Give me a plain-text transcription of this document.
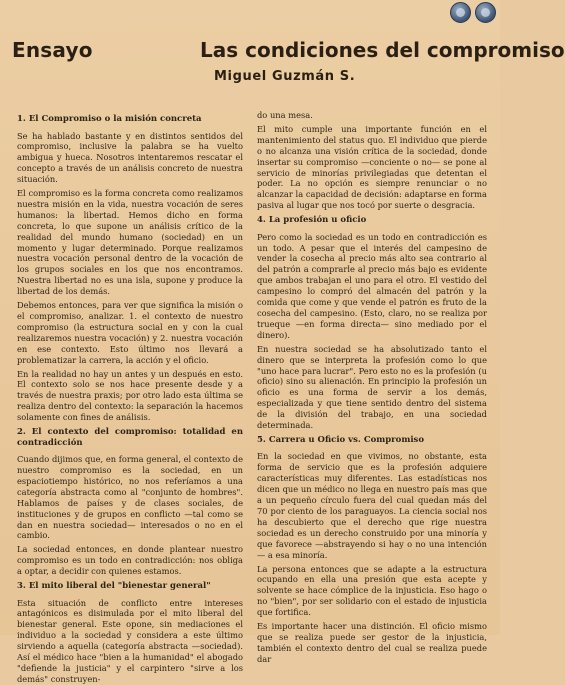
Ensayo	Las condiciones del compromiso
Miguel Guzmán S.
1. El Compromiso o la misión concreta

Se ha hablado bastante y en distintos sentidos del compromiso, inclusive la palabra se ha vuelto ambigua y hueca. Nosotros intentaremos rescatar el concepto a través de un análisis concreto de nuestra situación.

El compromiso es la forma concreta como realizamos nuestra misión en la vida, nuestra vocación de seres humanos: la libertad. Hemos dicho en forma concreta, lo que supone un análisis crítico de la realidad del mundo humano (sociedad) en un momento y lugar determinado. Porque realizamos nuestra vocación personal dentro de la vocación de los grupos sociales en los que nos encontramos. Nuestra libertad no es una isla, supone y produce la libertad de los demás.

Debemos entonces, para ver que significa la misión o el compromiso, analizar. 1. el contexto de nuestro compromiso (la estructura social en y con la cual realizaremos nuestra vocación) y 2. nuestra vocación en ese contexto. Esto último nos llevará a problematizar la carrera, la acción y el oficio.

En la realidad no hay un antes y un después en esto. El contexto solo se nos hace presente desde y a través de nuestra praxis; por otro lado esta última se realiza dentro del contexto: la separación la hacemos solamente con fines de análisis.

2. El contexto del compromiso: totalidad en contradicción

Cuando dijimos que, en forma general, el contexto de nuestro compromiso es la sociedad, en un espaciotiempo histórico, no nos referíamos a una categoría abstracta como al "conjunto de hombres". Hablamos de países y de clases sociales, de instituciones y de grupos en conflicto —tal como se dan en nuestra sociedad— interesados o no en el cambio.

La sociedad entonces, en donde plantear nuestro compromiso es un todo en contradicción: nos obliga a optar, a decidir con quienes estamos.

3. El mito liberal del "bienestar general"

Esta situación de conflicto entre intereses antagónicos es disimulada por el mito liberal del bienestar general. Este opone, sin mediaciones el individuo a la sociedad y considera a este último sirviendo a aquella (categoría abstracta —sociedad). Así el médico hace "bien a la humanidad" el abogado "defiende la justicia" y el carpintero "sirve a los demás" construyen-

do una mesa.

El mito cumple una importante función en el mantenimiento del status quo. El individuo que pierde o no alcanza una visión crítica de la sociedad, donde insertar su compromiso —conciente o no— se pone al servicio de minorías privilegiadas que detentan el poder. La no opción es siempre renunciar o no alcanzar la capacidad de decisión: adaptarse en forma pasiva al lugar que nos tocó por suerte o desgracia.

4. La profesión u oficio

Pero como la sociedad es un todo en contradicción es un todo. A pesar que el interés del campesino de vender la cosecha al precio más alto sea contrario al del patrón a comprarle al precio más bajo es evidente que ambos trabajan el uno para el otro. El vestido del campesino lo compró del almacén del patrón y la comida que come y que vende el patrón es fruto de la cosecha del campesino. (Esto, claro, no se realiza por trueque —en forma directa— sino mediado por el dinero).

En nuestra sociedad se ha absolutizado tanto el dinero que se interpreta la profesión como lo que "uno hace para lucrar". Pero esto no es la profesión (u oficio) sino su alienación. En principio la profesión un oficio es una forma de servir a los demás, especializada y que tiene sentido dentro del sistema de la división del trabajo, en una sociedad determinada.

5. Carrera u Oficio vs. Compromiso

En la sociedad en que vivimos, no obstante, esta forma de servicio que es la profesión adquiere características muy diferentes. Las estadísticas nos dicen que un médico no llega en nuestro país mas que a un pequeño círculo fuera del cual quedan más del 70 por ciento de los paraguayos. La ciencia social nos ha descubierto que el derecho que rige nuestra sociedad es un derecho construido por una minoría y que favorece —abstrayendo si hay o no una intención— a esa minoría.

La persona entonces que se adapte a la estructura ocupando en ella una presión que esta acepte y solvente se hace cómplice de la injusticia. Eso hago o no "bien", por ser solidario con el estado de injusticia que fortifica.

Es importante hacer una distinción. El oficio mismo que se realiza puede ser gestor de la injusticia, también el contexto dentro del cual se realiza puede dar
